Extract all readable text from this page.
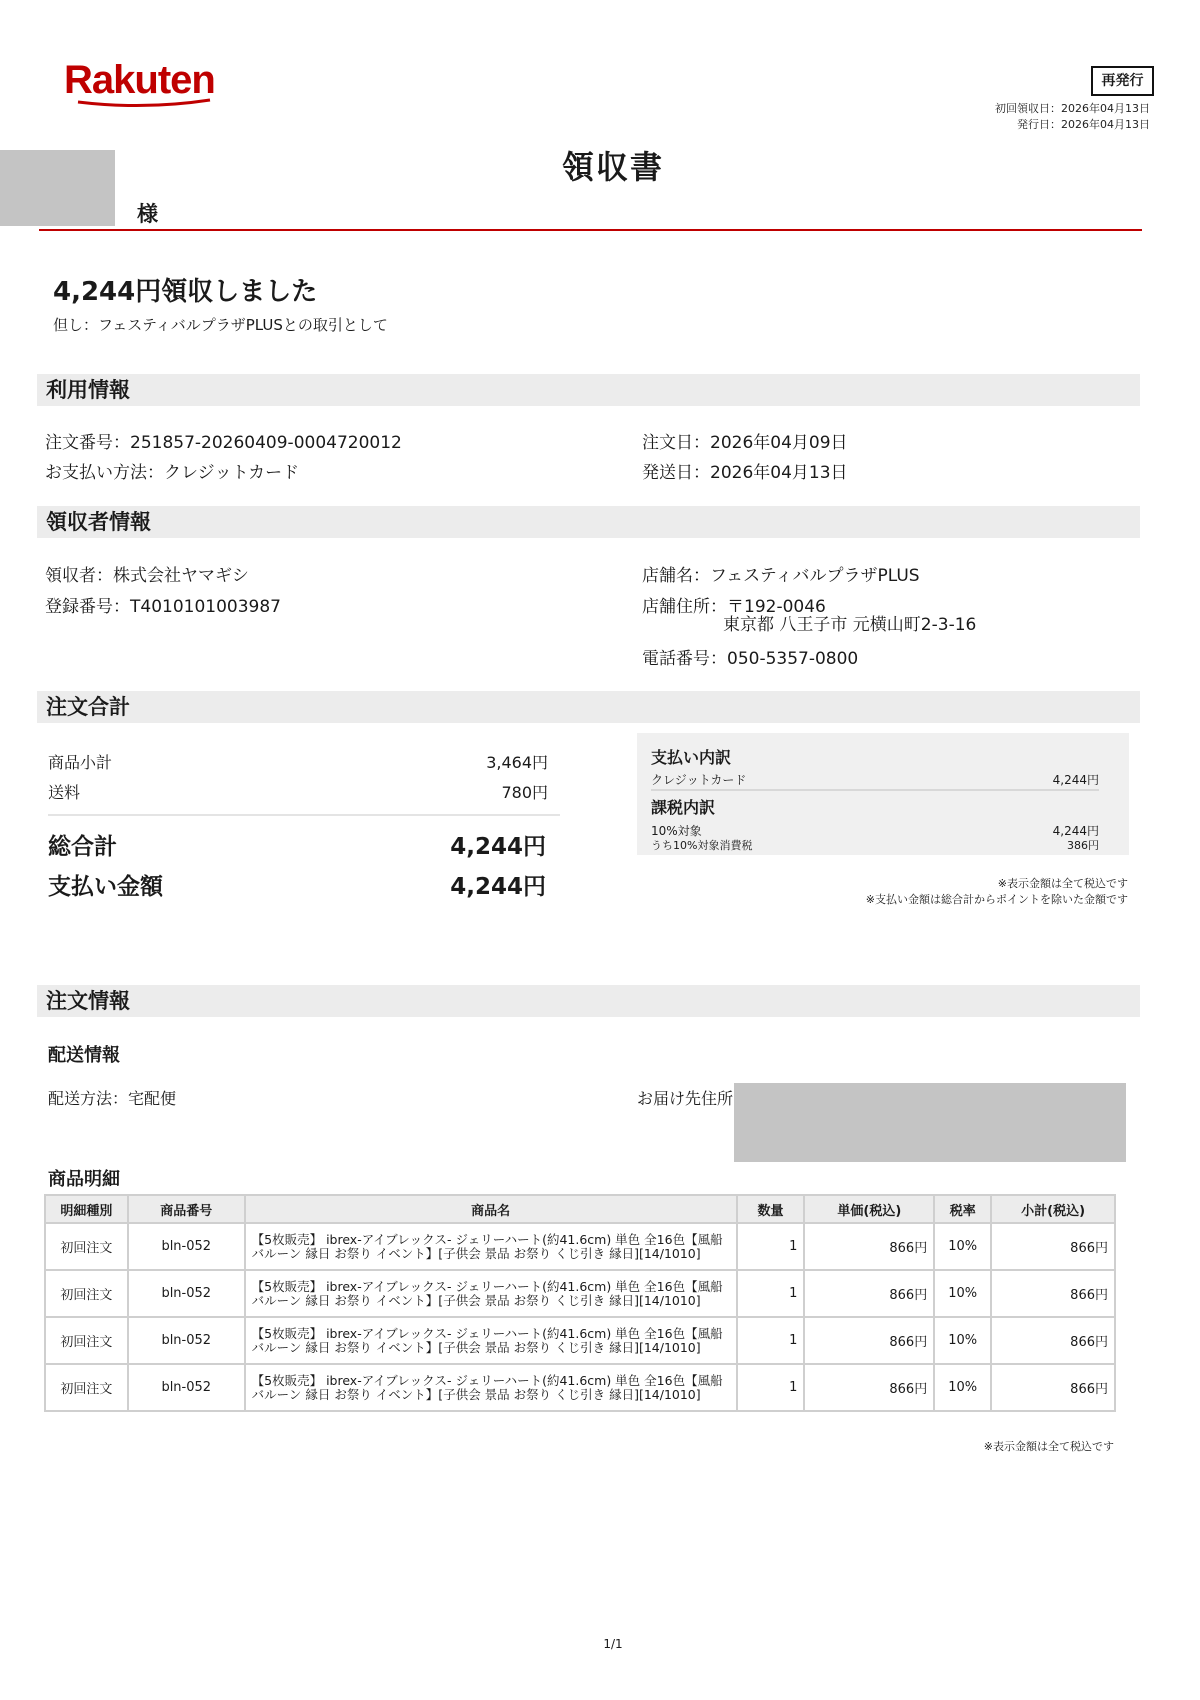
Rakuten	再発行
初回領収日：2026年04月13日
発行日：2026年04月13日
領収書
様
4,244円領収しました
但し：フェスティバルプラザPLUSとの取引として
利用情報
注文番号：251857-20260409-0004720012
お支払い方法：クレジットカード
注文日：2026年04月09日
発送日：2026年04月13日
領収者情報
領収者：株式会社ヤマギシ
登録番号：T4010101003987
店舗名：フェスティバルプラザPLUS
店舗住所：〒192-0046
東京都 八王子市 元横山町2-3-16
電話番号：050-5357-0800
注文合計
商品小計	3,464円
送料	780円
総合計	4,244円
支払い金額	4,244円
支払い内訳
クレジットカード	4,244円
課税内訳
10%対象	4,244円
うち10%対象消費税	386円
※表示金額は全て税込です
※支払い金額は総合計からポイントを除いた金額です
注文情報
配送情報
配送方法：宅配便	お届け先住所
商品明細
明細種別	商品番号	商品名	数量	単価(税込)	税率	小計(税込)
初回注文	bln-052	【5枚販売】 ibrex-アイブレックス- ジェリーハート(約41.6cm) 単色 全16色【風船 バルーン 縁日 お祭り イベント】[子供会 景品 お祭り くじ引き 縁日][14/1010]	1	866円	10%	866円
初回注文	bln-052	【5枚販売】 ibrex-アイブレックス- ジェリーハート(約41.6cm) 単色 全16色【風船 バルーン 縁日 お祭り イベント】[子供会 景品 お祭り くじ引き 縁日][14/1010]	1	866円	10%	866円
初回注文	bln-052	【5枚販売】 ibrex-アイブレックス- ジェリーハート(約41.6cm) 単色 全16色【風船 バルーン 縁日 お祭り イベント】[子供会 景品 お祭り くじ引き 縁日][14/1010]	1	866円	10%	866円
初回注文	bln-052	【5枚販売】 ibrex-アイブレックス- ジェリーハート(約41.6cm) 単色 全16色【風船 バルーン 縁日 お祭り イベント】[子供会 景品 お祭り くじ引き 縁日][14/1010]	1	866円	10%	866円
※表示金額は全て税込です
1/1
